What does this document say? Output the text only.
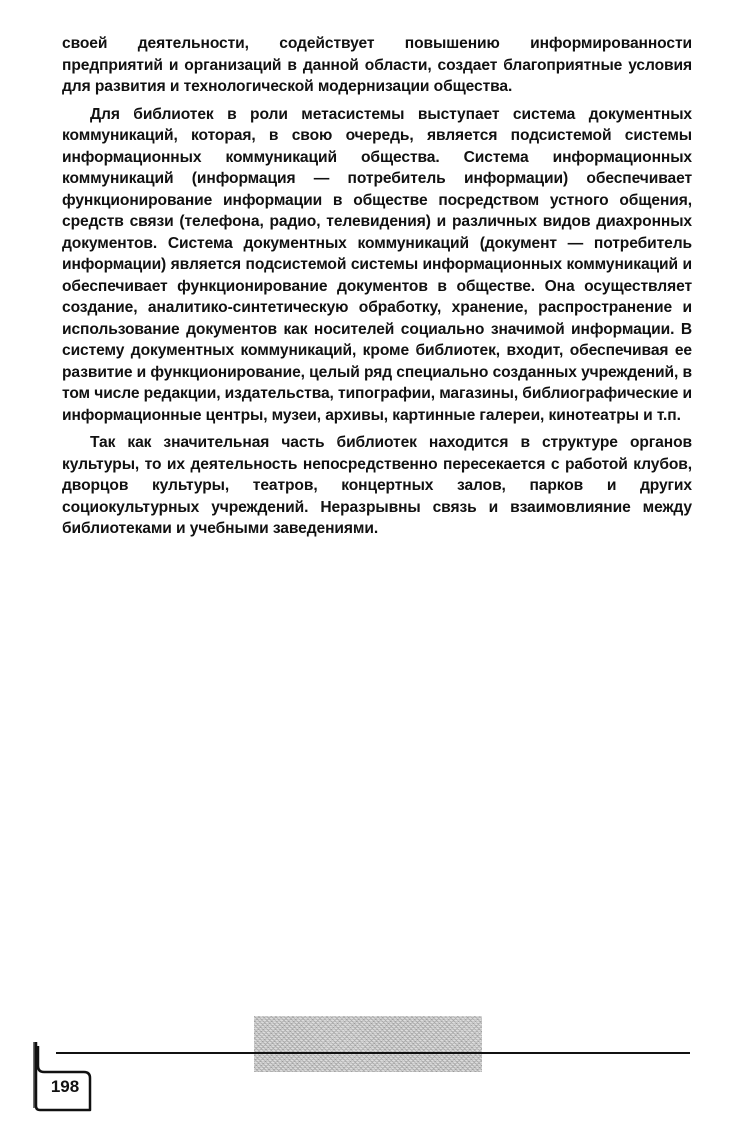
своей деятельности, содействует повышению информированности предприятий и организаций в данной области, создает благоприятные условия для развития и технологической модернизации общества.

Для библиотек в роли метасистемы выступает система документных коммуникаций, которая, в свою очередь, является подсистемой системы информационных коммуникаций общества. Система информационных коммуникаций (информация — потребитель информации) обеспечивает функционирование информации в обществе посредством устного общения, средств связи (телефона, радио, телевидения) и различных видов диахронных документов. Система документных коммуникаций (документ — потребитель информации) является подсистемой системы информационных коммуникаций и обеспечивает функционирование документов в обществе. Она осуществляет создание, аналитико-синтетическую обработку, хранение, распространение и использование документов как носителей социально значимой информации. В систему документных коммуникаций, кроме библиотек, входит, обеспечивая ее развитие и функционирование, целый ряд специально созданных учреждений, в том числе редакции, издательства, типографии, магазины, библиографические и информационные центры, музеи, архивы, картинные галереи, кинотеатры и т.п.

Так как значительная часть библиотек находится в структуре органов культуры, то их деятельность непосредственно пересекается с работой клубов, дворцов культуры, театров, концертных залов, парков и других социокультурных учреждений. Неразрывны связь и взаимовлияние между библиотеками и учебными заведениями.

198
